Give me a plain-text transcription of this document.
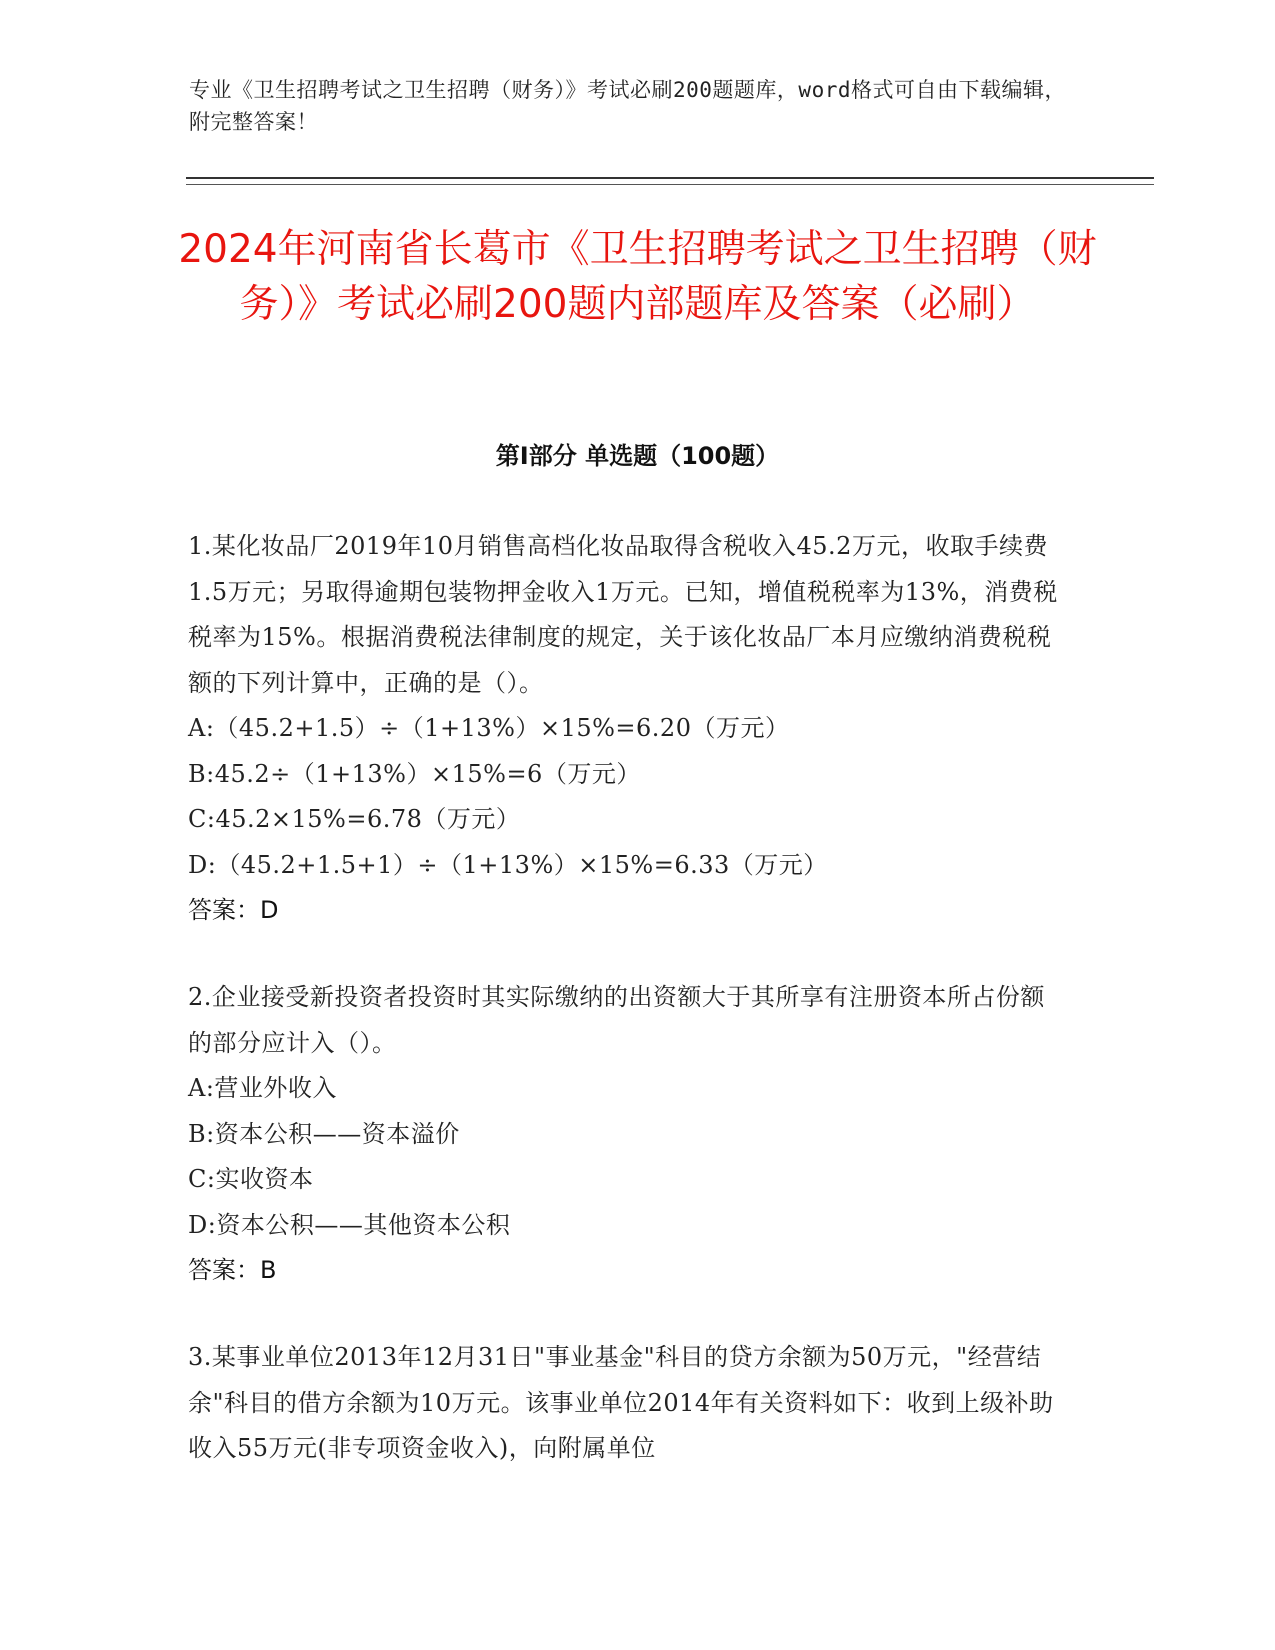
专业《卫生招聘考试之卫生招聘（财务）》考试必刷200题题库，word格式可自由下载编辑，附完整答案！
2024年河南省长葛市《卫生招聘考试之卫生招聘（财务）》考试必刷200题内部题库及答案（必刷）
第Ⅰ部分 单选题（100题）

1.某化妆品厂2019年10月销售高档化妆品取得含税收入45.2万元，收取手续费1.5万元；另取得逾期包装物押金收入1万元。已知，增值税税率为13%，消费税税率为15%。根据消费税法律制度的规定，关于该化妆品厂本月应缴纳消费税税额的下列计算中，正确的是（）。

A:（45.2+1.5）÷（1+13%）×15%=6.20（万元）

B:45.2÷（1+13%）×15%=6（万元）

C:45.2×15%=6.78（万元）

D:（45.2+1.5+1）÷（1+13%）×15%=6.33（万元）

答案：D

2.企业接受新投资者投资时其实际缴纳的出资额大于其所享有注册资本所占份额的部分应计入（）。

A:营业外收入

B:资本公积——资本溢价

C:实收资本

D:资本公积——其他资本公积

答案：B

3.某事业单位2013年12月31日"事业基金"科目的贷方余额为50万元，"经营结余"科目的借方余额为10万元。该事业单位2014年有关资料如下：收到上级补助收入55万元(非专项资金收入)，向附属单位
